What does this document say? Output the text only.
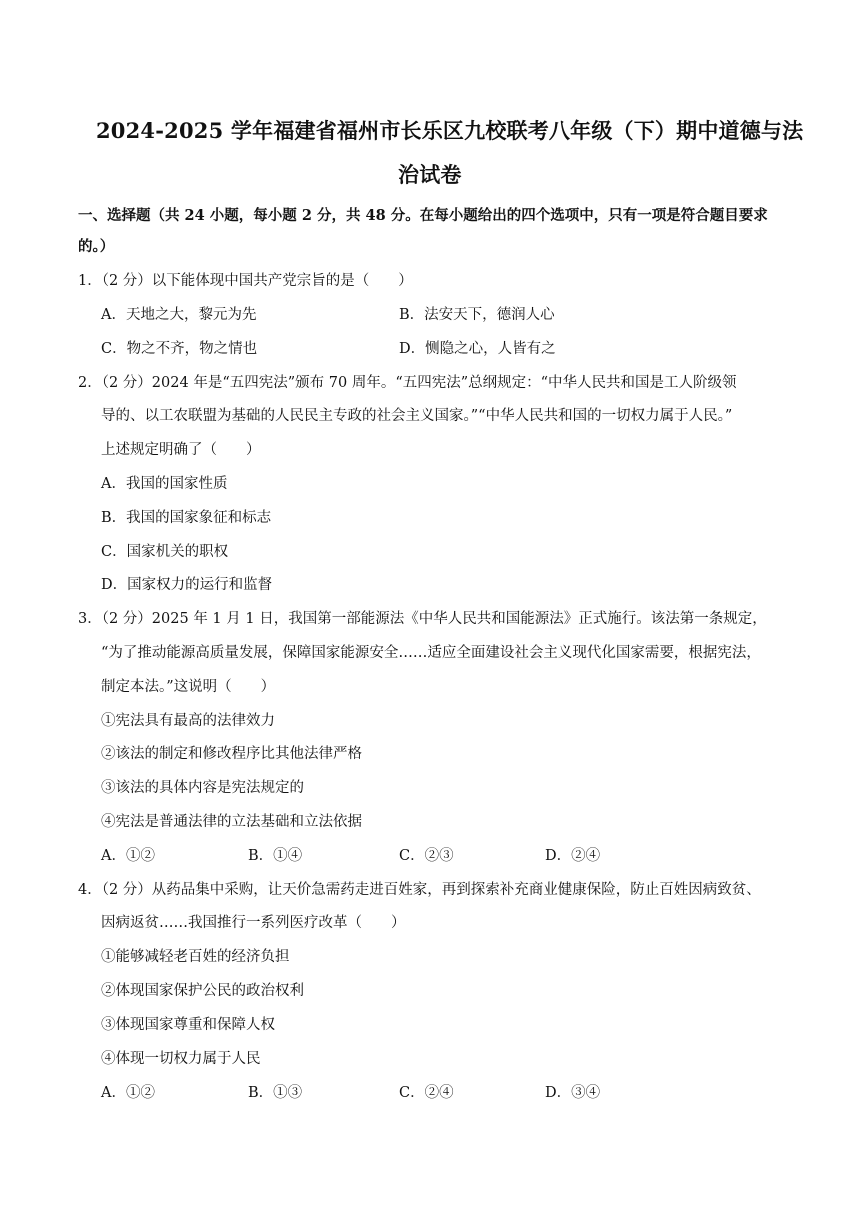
2024-2025 学年福建省福州市长乐区九校联考八年级（下）期中道德与法
治试卷
一、选择题（共 24 小题，每小题 2 分，共 48 分。在每小题给出的四个选项中，只有一项是符合题目要求
的。）
1．（2 分）以下能体现中国共产党宗旨的是（　　）
A．天地之大，黎元为先	B．法安天下，德润人心
C．物之不齐，物之情也	D．恻隐之心，人皆有之
2．（2 分）2024 年是“五四宪法”颁布 70 周年。“五四宪法”总纲规定：“中华人民共和国是工人阶级领
导的、以工农联盟为基础的人民民主专政的社会主义国家。”“中华人民共和国的一切权力属于人民。”
上述规定明确了（　　）
A．我国的国家性质
B．我国的国家象征和标志
C．国家机关的职权
D．国家权力的运行和监督
3．（2 分）2025 年 1 月 1 日，我国第一部能源法《中华人民共和国能源法》正式施行。该法第一条规定，
“为了推动能源高质量发展，保障国家能源安全……适应全面建设社会主义现代化国家需要，根据宪法，
制定本法。”这说明（　　）
①宪法具有最高的法律效力
②该法的制定和修改程序比其他法律严格
③该法的具体内容是宪法规定的
④宪法是普通法律的立法基础和立法依据
A．①②	B．①④	C．②③	D．②④
4．（2 分）从药品集中采购，让天价急需药走进百姓家，再到探索补充商业健康保险，防止百姓因病致贫、
因病返贫……我国推行一系列医疗改革（　　）
①能够减轻老百姓的经济负担
②体现国家保护公民的政治权利
③体现国家尊重和保障人权
④体现一切权力属于人民
A．①②	B．①③	C．②④	D．③④
